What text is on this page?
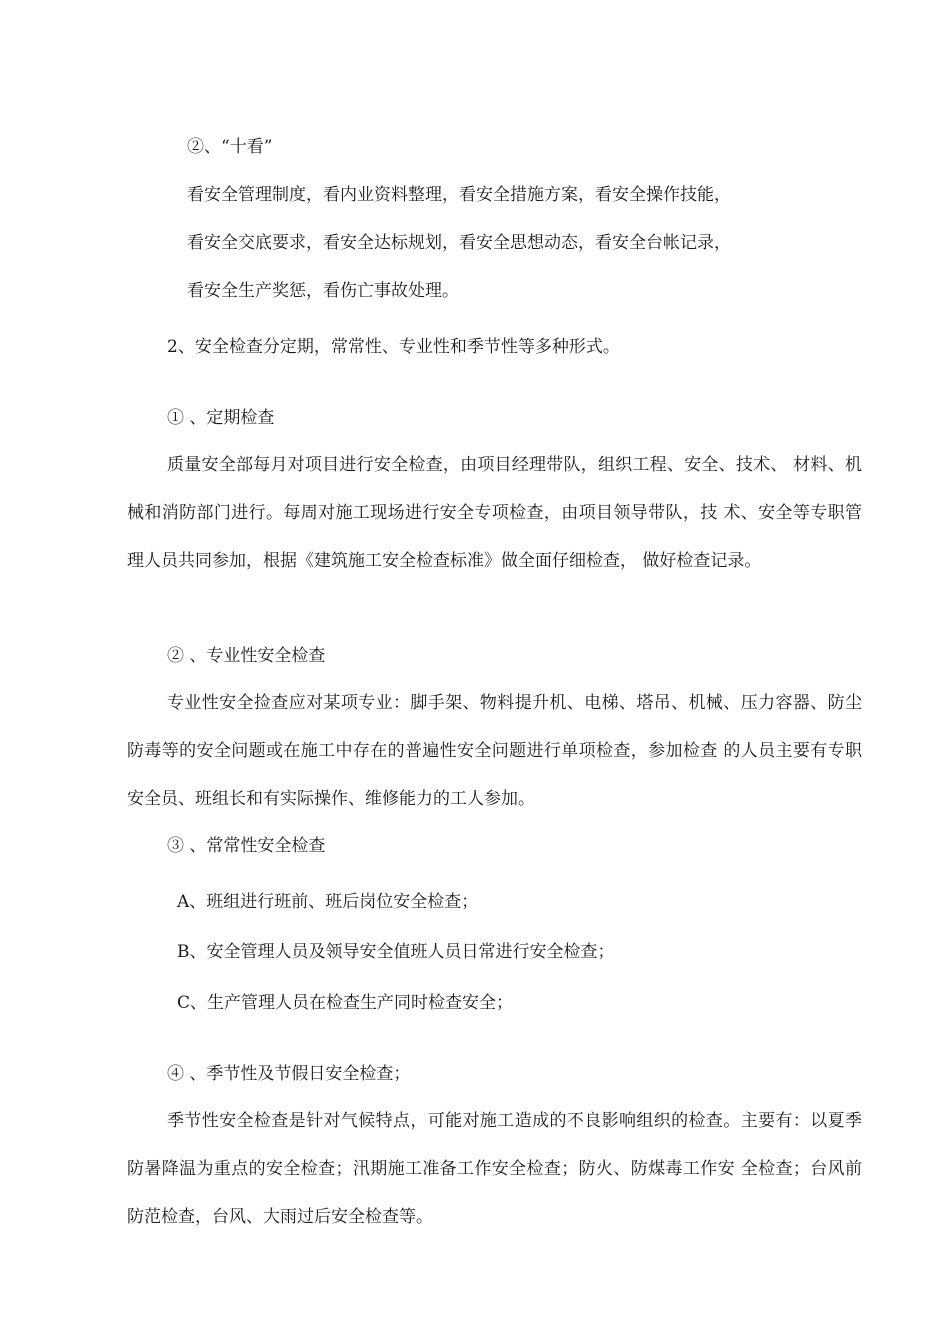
②、“十看”

看安全管理制度，看内业资料整理，看安全措施方案，看安全操作技能，

看安全交底要求，看安全达标规划，看安全思想动态，看安全台帐记录，

看安全生产奖惩，看伤亡事故处理。

2、安全检查分定期，常常性、专业性和季节性等多种形式。

① 、定期检查

质量安全部每月对项目进行安全检查，由项目经理带队，组织工程、安全、技术、 材料、机械和消防部门进行。每周对施工现场进行安全专项检查，由项目领导带队，技 术、安全等专职管理人员共同参加，根据《建筑施工安全检查标准》做全面仔细检查， 做好检查记录。

② 、专业性安全检查

专业性安全捡查应对某项专业：脚手架、物料提升机、电梯、塔吊、机械、压力容器、防尘防毒等的安全问题或在施工中存在的普遍性安全问题进行单项检查，参加检查 的人员主要有专职安全员、班组长和有实际操作、维修能力的工人参加。

③ 、常常性安全检查

A、班组进行班前、班后岗位安全检查；

B、安全管理人员及领导安全值班人员日常进行安全检查；

C、生产管理人员在检查生产同时检查安全；

④ 、季节性及节假日安全检查；

季节性安全检查是针对气候特点，可能对施工造成的不良影响组织的检查。主要有：以夏季防暑降温为重点的安全检查；汛期施工准备工作安全检查；防火、防煤毒工作安 全检查；台风前防范检查，台风、大雨过后安全检查等。
